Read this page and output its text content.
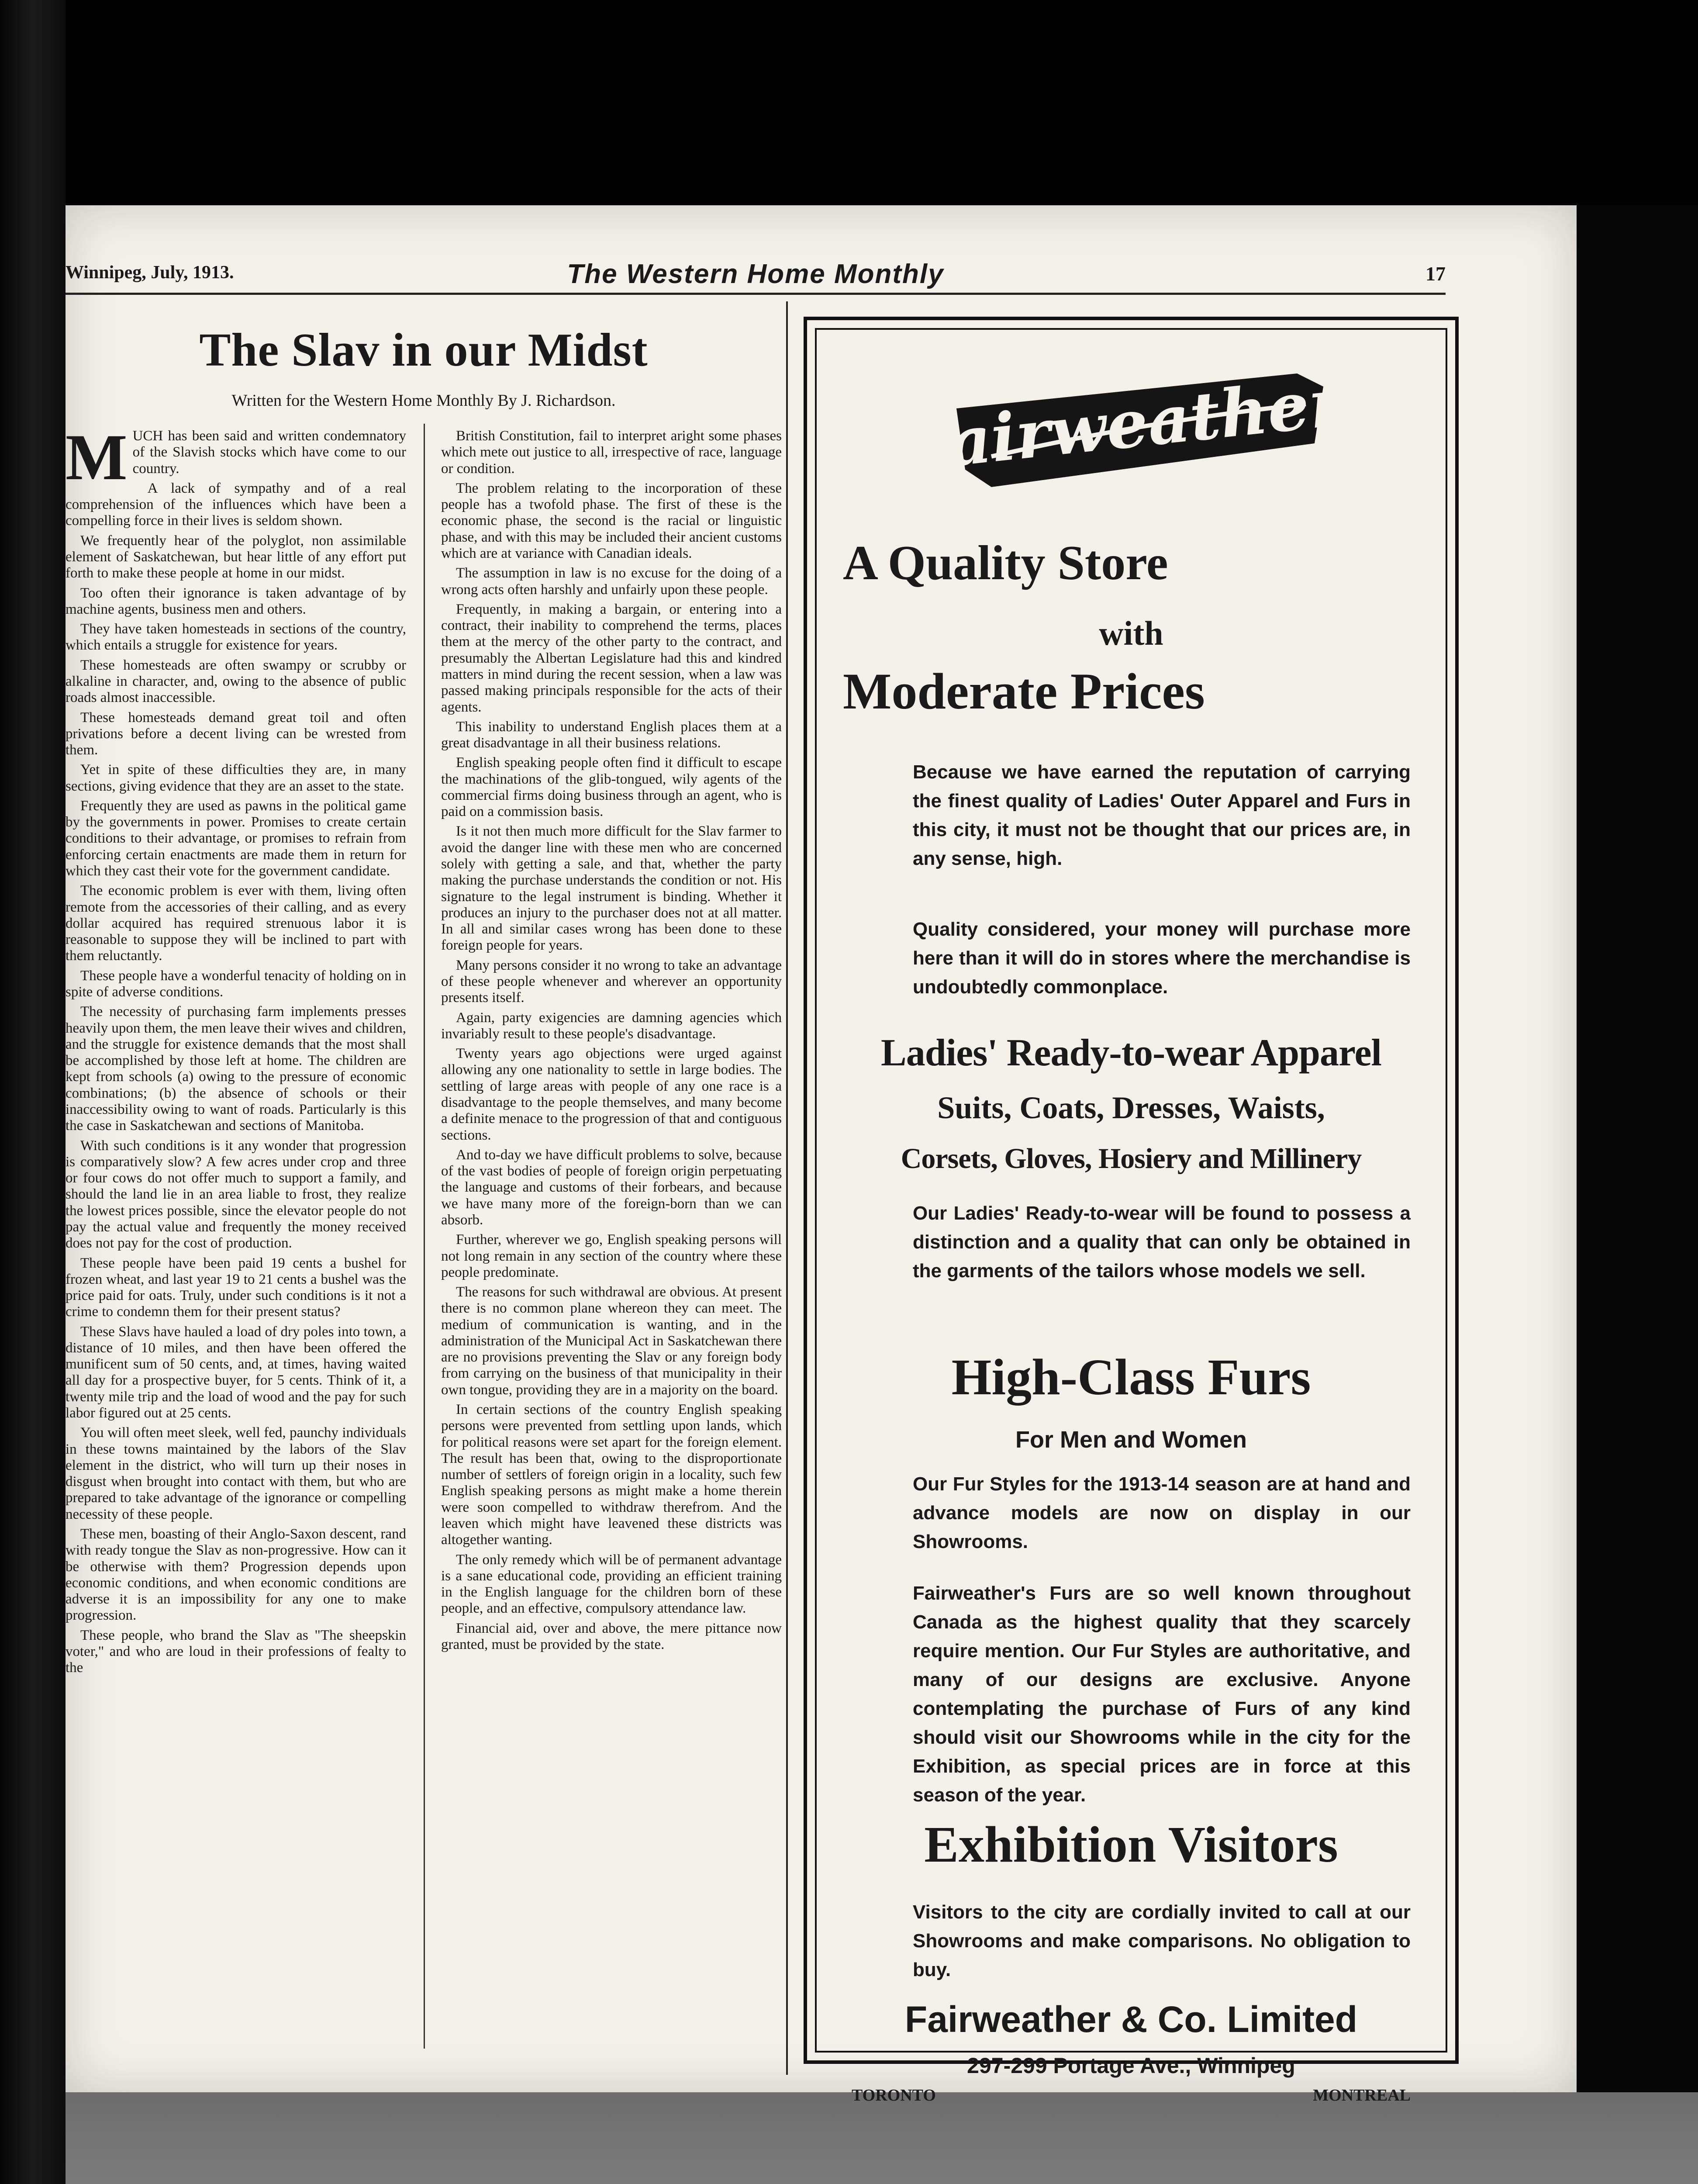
Winnipeg, July, 1913.	The Western Home Monthly	17
The Slav in our Midst
Written for the Western Home Monthly By J. Richardson.

MUCH has been said and written condemnatory of the Slavish stocks which have come to our country.

A lack of sympathy and of a real comprehension of the influences which have been a compelling force in their lives is seldom shown.

We frequently hear of the polyglot, non assimilable element of Saskatchewan, but hear little of any effort put forth to make these people at home in our midst.

Too often their ignorance is taken advantage of by machine agents, business men and others.

They have taken homesteads in sections of the country, which entails a struggle for existence for years.

These homesteads are often swampy or scrubby or alkaline in character, and, owing to the absence of public roads almost inaccessible.

These homesteads demand great toil and often privations before a decent living can be wrested from them.

Yet in spite of these difficulties they are, in many sections, giving evidence that they are an asset to the state.

Frequently they are used as pawns in the political game by the governments in power. Promises to create certain conditions to their advantage, or promises to refrain from enforcing certain enactments are made them in return for which they cast their vote for the government candidate.

The economic problem is ever with them, living often remote from the accessories of their calling, and as every dollar acquired has required strenuous labor it is reasonable to suppose they will be inclined to part with them reluctantly.

These people have a wonderful tenacity of holding on in spite of adverse conditions.

The necessity of purchasing farm implements presses heavily upon them, the men leave their wives and children, and the struggle for existence demands that the most shall be accomplished by those left at home. The children are kept from schools (a) owing to the pressure of economic combinations; (b) the absence of schools or their inaccessibility owing to want of roads. Particularly is this the case in Saskatchewan and sections of Manitoba.

With such conditions is it any wonder that progression is comparatively slow? A few acres under crop and three or four cows do not offer much to support a family, and should the land lie in an area liable to frost, they realize the lowest prices possible, since the elevator people do not pay the actual value and frequently the money received does not pay for the cost of production.

These people have been paid 19 cents a bushel for frozen wheat, and last year 19 to 21 cents a bushel was the price paid for oats. Truly, under such conditions is it not a crime to condemn them for their present status?

These Slavs have hauled a load of dry poles into town, a distance of 10 miles, and then have been offered the munificent sum of 50 cents, and, at times, having waited all day for a prospective buyer, for 5 cents. Think of it, a twenty mile trip and the load of wood and the pay for such labor figured out at 25 cents.

You will often meet sleek, well fed, paunchy individuals in these towns maintained by the labors of the Slav element in the district, who will turn up their noses in disgust when brought into contact with them, but who are prepared to take advantage of the ignorance or compelling necessity of these people.

These men, boasting of their Anglo-Saxon descent, rand with ready tongue the Slav as non-progressive. How can it be otherwise with them? Progression depends upon economic conditions, and when economic conditions are adverse it is an impossibility for any one to make progression.

These people, who brand the Slav as "The sheepskin voter," and who are loud in their professions of fealty to the

British Constitution, fail to interpret aright some phases which mete out justice to all, irrespective of race, language or condition.

The problem relating to the incorporation of these people has a twofold phase. The first of these is the economic phase, the second is the racial or linguistic phase, and with this may be included their ancient customs which are at variance with Canadian ideals.

The assumption in law is no excuse for the doing of a wrong acts often harshly and unfairly upon these people.

Frequently, in making a bargain, or entering into a contract, their inability to comprehend the terms, places them at the mercy of the other party to the contract, and presumably the Albertan Legislature had this and kindred matters in mind during the recent session, when a law was passed making principals responsible for the acts of their agents.

This inability to understand English places them at a great disadvantage in all their business relations.

English speaking people often find it difficult to escape the machinations of the glib-tongued, wily agents of the commercial firms doing business through an agent, who is paid on a commission basis.

Is it not then much more difficult for the Slav farmer to avoid the danger line with these men who are concerned solely with getting a sale, and that, whether the party making the purchase understands the condition or not. His signature to the legal instrument is binding. Whether it produces an injury to the purchaser does not at all matter. In all and similar cases wrong has been done to these foreign people for years.

Many persons consider it no wrong to take an advantage of these people whenever and wherever an opportunity presents itself.

Again, party exigencies are damning agencies which invariably result to these people's disadvantage.

Twenty years ago objections were urged against allowing any one nationality to settle in large bodies. The settling of large areas with people of any one race is a disadvantage to the people themselves, and many become a definite menace to the progression of that and contiguous sections.

And to-day we have difficult problems to solve, because of the vast bodies of people of foreign origin perpetuating the language and customs of their forbears, and because we have many more of the foreign-born than we can absorb.

Further, wherever we go, English speaking persons will not long remain in any section of the country where these people predominate.

The reasons for such withdrawal are obvious. At present there is no common plane whereon they can meet. The medium of communication is wanting, and in the administration of the Municipal Act in Saskatchewan there are no provisions preventing the Slav or any foreign body from carrying on the business of that municipality in their own tongue, providing they are in a majority on the board.

In certain sections of the country English speaking persons were prevented from settling upon lands, which for political reasons were set apart for the foreign element. The result has been that, owing to the disproportionate number of settlers of foreign origin in a locality, such few English speaking persons as might make a home therein were soon compelled to withdraw therefrom. And the leaven which might have leavened these districts was altogether wanting.

The only remedy which will be of permanent advantage is a sane educational code, providing an efficient training in the English language for the children born of these people, and an effective, compulsory attendance law.

Financial aid, over and above, the mere pittance now granted, must be provided by the state.

Fairweathers
A Quality Store
with
Moderate Prices
Because we have earned the reputation of carrying the finest quality of Ladies' Outer Apparel and Furs in this city, it must not be thought that our prices are, in any sense, high.
Quality considered, your money will purchase more here than it will do in stores where the merchandise is undoubtedly commonplace.
Ladies' Ready-to-wear Apparel
Suits, Coats, Dresses, Waists,
Corsets, Gloves, Hosiery and Millinery
Our Ladies' Ready-to-wear will be found to possess a distinction and a quality that can only be obtained in the garments of the tailors whose models we sell.
High-Class Furs
For Men and Women
Our Fur Styles for the 1913-14 season are at hand and advance models are now on display in our Showrooms.
Fairweather's Furs are so well known throughout Canada as the highest quality that they scarcely require mention. Our Fur Styles are authoritative, and many of our designs are exclusive. Anyone contemplating the purchase of Furs of any kind should visit our Showrooms while in the city for the Exhibition, as special prices are in force at this season of the year.
Exhibition Visitors
Visitors to the city are cordially invited to call at our Showrooms and make comparisons. No obligation to buy.
Fairweather & Co. Limited
297-299 Portage Ave., Winnipeg
TORONTO	MONTREAL
